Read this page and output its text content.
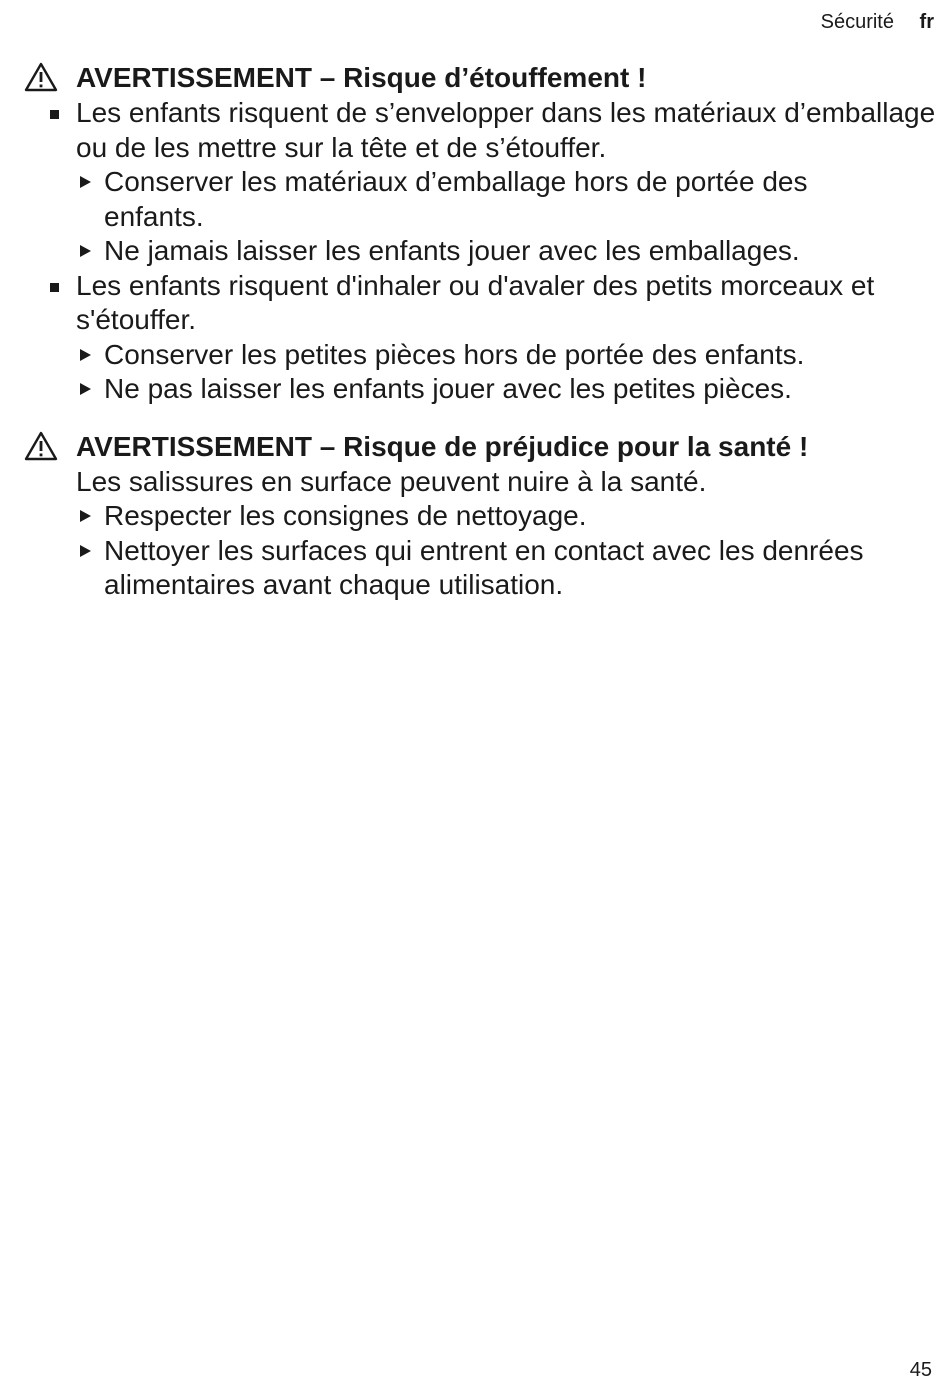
Sécurité fr
AVERTISSEMENT – Risque d’étouffement !
Les enfants risquent de s’envelopper dans les matériaux d’emballage ou de les mettre sur la tête et de s’étouffer.
Conserver les matériaux d’emballage hors de portée des enfants.
Ne jamais laisser les enfants jouer avec les emballages.
Les enfants risquent d'inhaler ou d'avaler des petits morceaux et s'étouffer.
Conserver les petites pièces hors de portée des enfants.
Ne pas laisser les enfants jouer avec les petites pièces.
AVERTISSEMENT – Risque de préjudice pour la santé !
Les salissures en surface peuvent nuire à la santé.
Respecter les consignes de nettoyage.
Nettoyer les surfaces qui entrent en contact avec les denrées alimentaires avant chaque utilisation.
45
